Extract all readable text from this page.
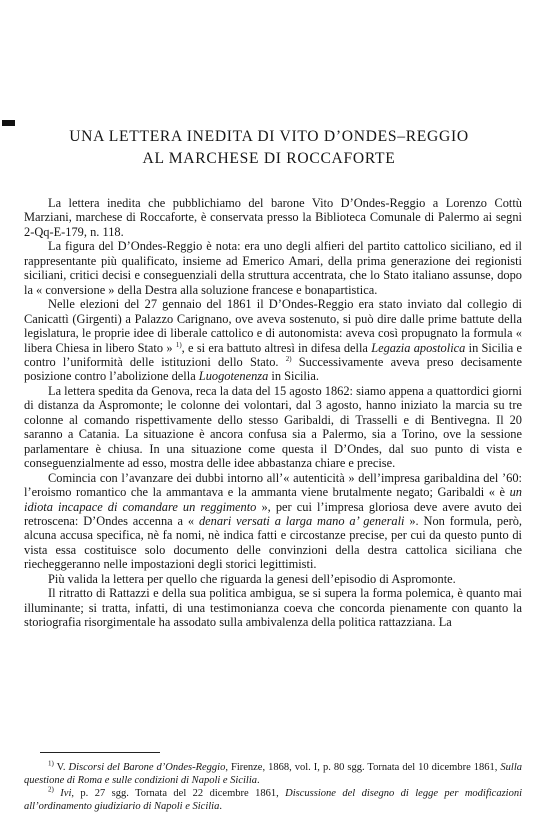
UNA LETTERA INEDITA DI VITO D’ONDES–REGGIO
AL MARCHESE DI ROCCAFORTE

La lettera inedita che pubblichiamo del barone Vito D’Ondes-Reggio a Lorenzo Cottù Marziani, marchese di Roccaforte, è conservata presso la Biblioteca Comunale di Palermo ai segni 2-Qq-E-179, n. 118.

La figura del D’Ondes-Reggio è nota: era uno degli alfieri del partito cattolico siciliano, ed il rappresentante più qualificato, insieme ad Emerico Amari, della prima generazione dei regionisti siciliani, critici decisi e conseguenziali della struttura accentrata, che lo Stato italiano assunse, dopo la « conversione » della Destra alla soluzione francese e bonapartistica.

Nelle elezioni del 27 gennaio del 1861 il D’Ondes-Reggio era stato inviato dal collegio di Canicattì (Girgenti) a Palazzo Carignano, ove aveva sostenuto, si può dire dalle prime battute della legislatura, le proprie idee di liberale cattolico e di autonomista: aveva così propugnato la formula « libera Chiesa in libero Stato » $^{1)}$, e si era battuto altresì in difesa della Legazia apostolica in Sicilia e contro l’uniformità delle istituzioni dello Stato. $^{2)}$ Successivamente aveva preso decisamente posizione contro l’abolizione della Luogotenenza in Sicilia.

La lettera spedita da Genova, reca la data del 15 agosto 1862: siamo appena a quattordici giorni di distanza da Aspromonte; le colonne dei volontari, dal 3 agosto, hanno iniziato la marcia su tre colonne al comando rispettivamente dello stesso Garibaldi, di Trasselli e di Bentivegna. Il 20 saranno a Catania. La situazione è ancora confusa sia a Palermo, sia a Torino, ove la sessione parlamentare è chiusa. In una situazione come questa il D’Ondes, dal suo punto di vista e conseguenzialmente ad esso, mostra delle idee abbastanza chiare e precise.

Comincia con l’avanzare dei dubbi intorno all’« autenticità » dell’impresa garibaldina del ’60: l’eroismo romantico che la ammantava e la ammanta viene brutalmente negato; Garibaldi « è un idiota incapace di comandare un reggimento », per cui l’impresa gloriosa deve avere avuto dei retroscena: D’Ondes accenna a « denari versati a larga mano a’ generali ». Non formula, però, alcuna accusa specifica, nè fa nomi, nè indica fatti e circostanze precise, per cui da questo punto di vista essa costituisce solo documento delle convinzioni della destra cattolica siciliana che riecheggeranno nelle impostazioni degli storici legittimisti.

Più valida la lettera per quello che riguarda la genesi dell’episodio di Aspromonte.

Il ritratto di Rattazzi e della sua politica ambigua, se si supera la forma polemica, è quanto mai illuminante; si tratta, infatti, di una testimonianza coeva che concorda pienamente con quanto la storiografia risorgimentale ha assodato sulla ambivalenza della politica rattazziana. La

$^{1)}$ V. Discorsi del Barone d’Ondes-Reggio, Firenze, 1868, vol. I, p. 80 sgg. Tornata del 10 dicembre 1861, Sulla questione di Roma e sulle condizioni di Napoli e Sicilia.

$^{2)}$ Ivi, p. 27 sgg. Tornata del 22 dicembre 1861, Discussione del disegno di legge per modificazioni all’ordinamento giudiziario di Napoli e Sicilia.
